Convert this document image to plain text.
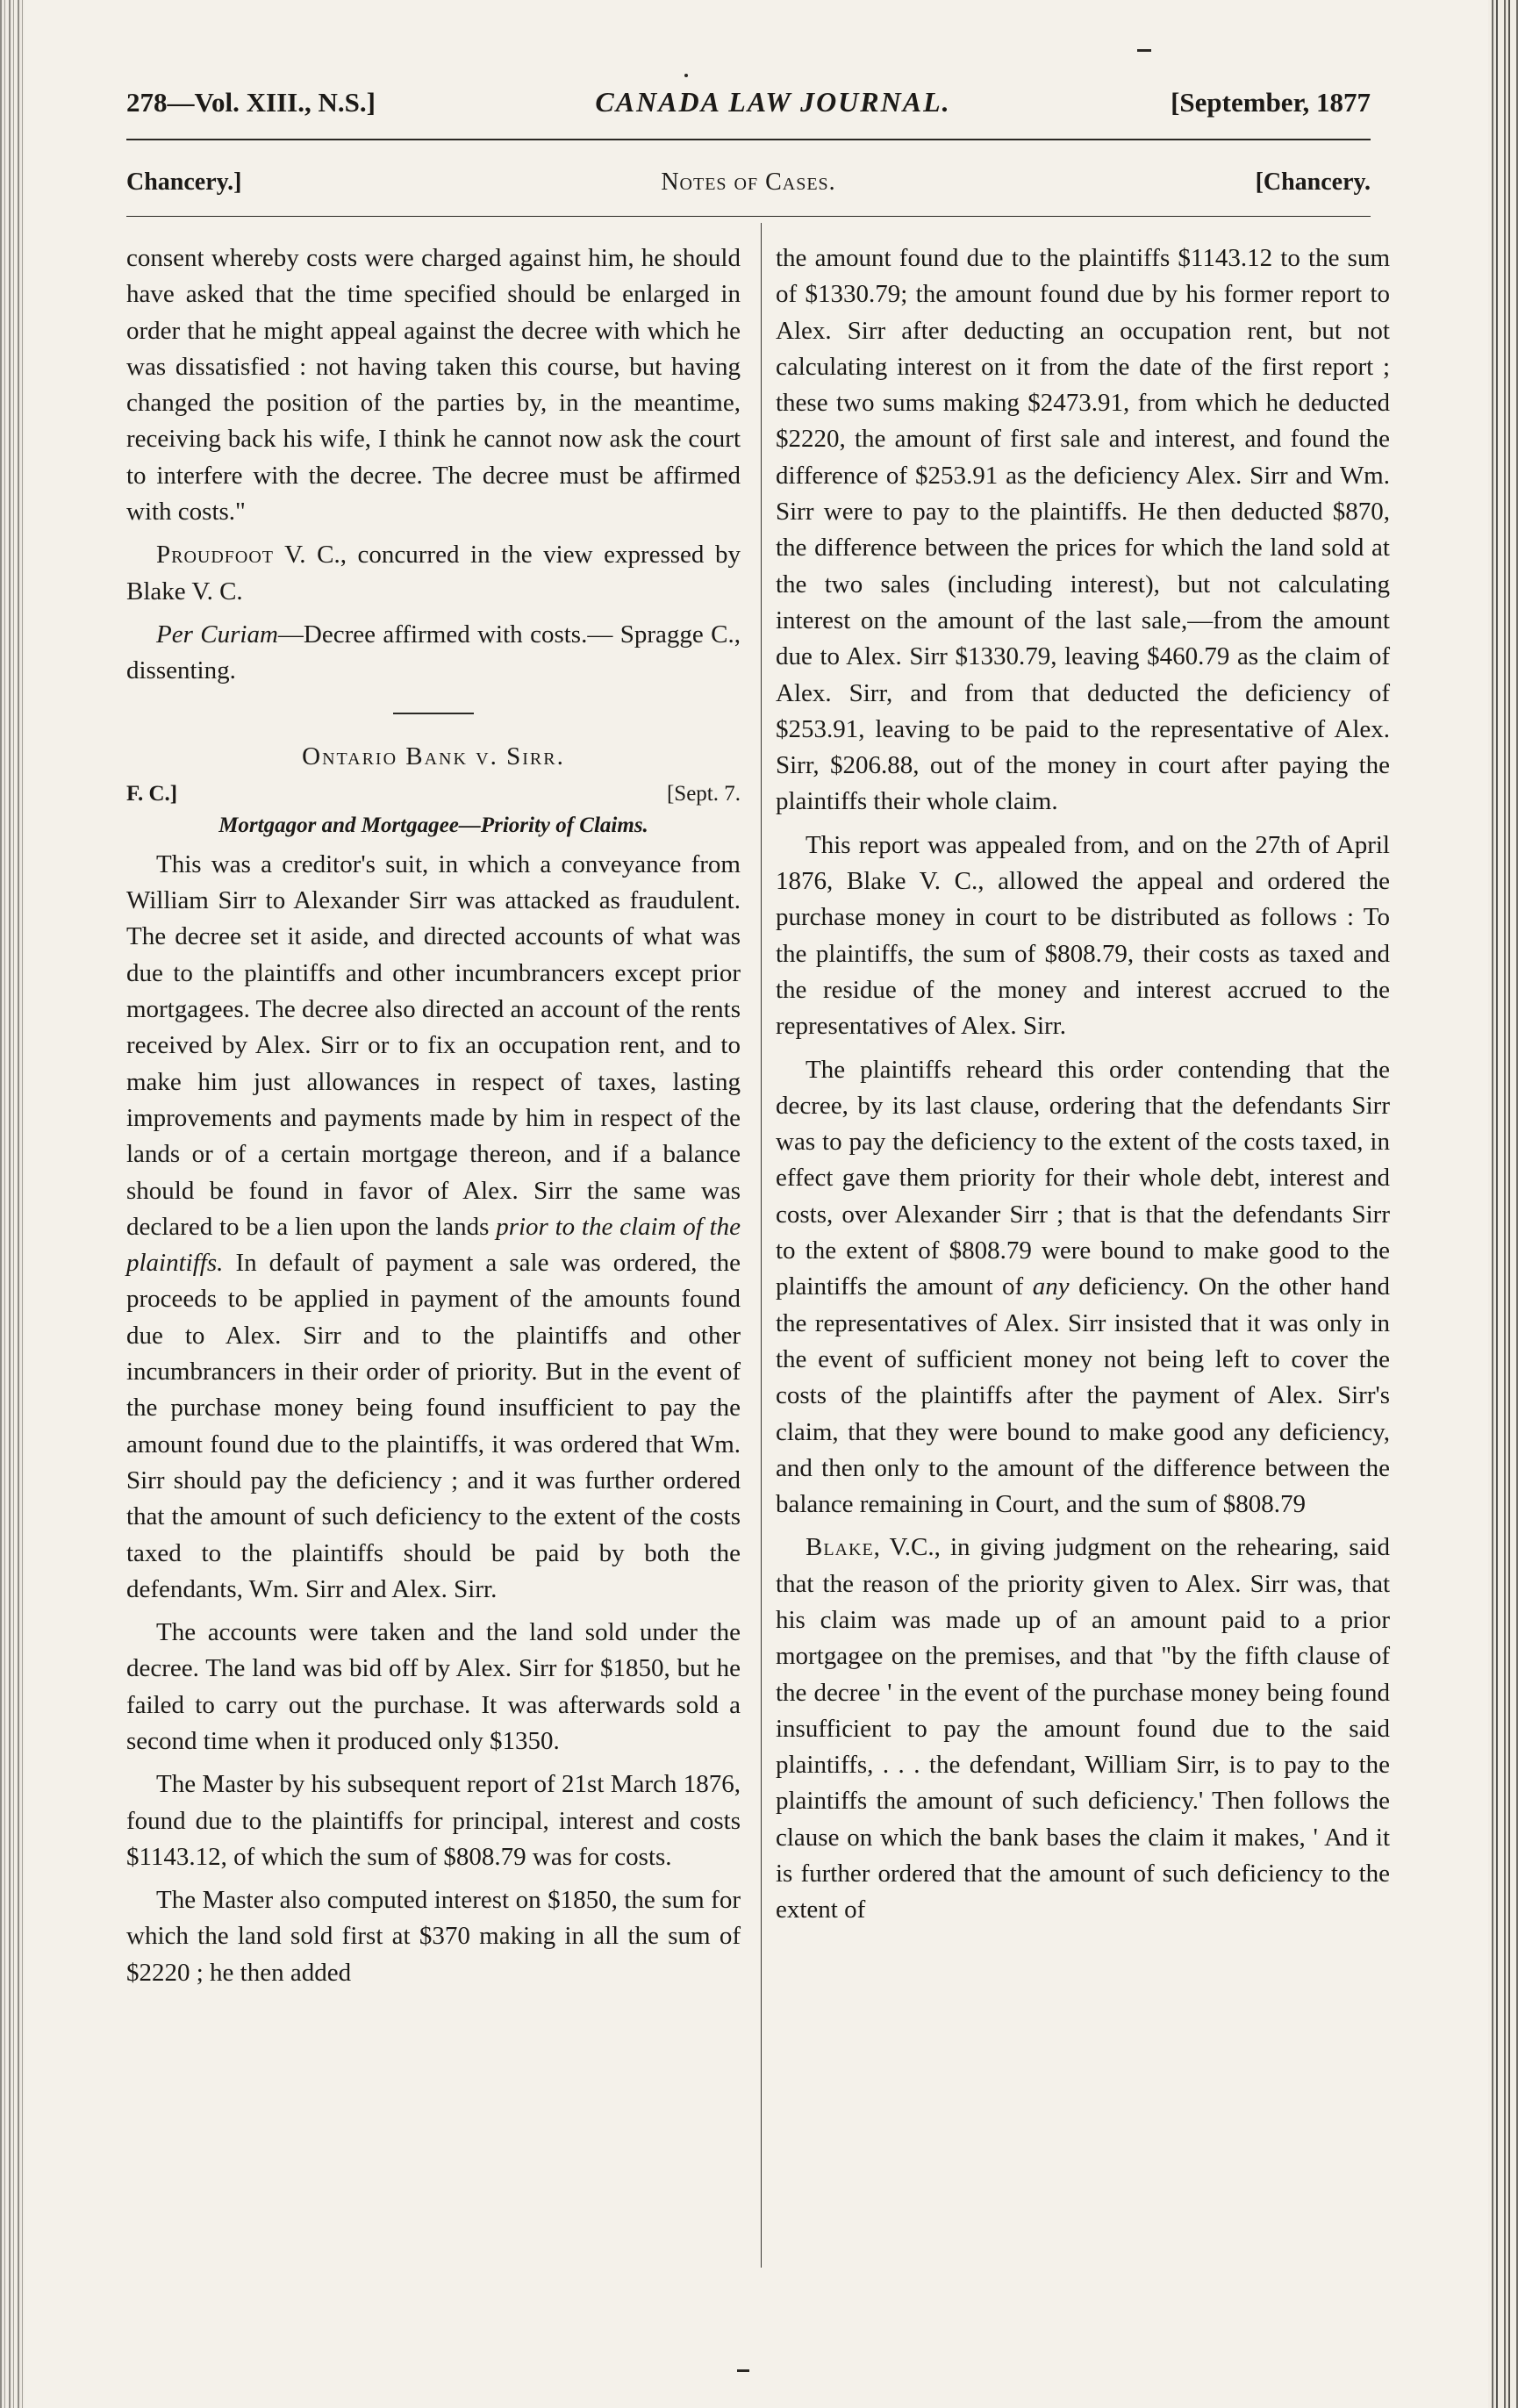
278—Vol. XIII., N.S.]	CANADA LAW JOURNAL.	[September, 1877
Chancery.]	Notes of Cases.	[Chancery.

consent whereby costs were charged against him, he should have asked that the time specified should be enlarged in order that he might appeal against the decree with which he was dissatisfied : not having taken this course, but having changed the position of the parties by, in the meantime, receiving back his wife, I think he cannot now ask the court to interfere with the decree. The decree must be affirmed with costs."

Proudfoot V. C., concurred in the view expressed by Blake V. C.

Per Curiam—Decree affirmed with costs.— Spragge C., dissenting.

Ontario Bank v. Sirr.
F. C.]	[Sept. 7.
Mortgagor and Mortgagee—Priority of Claims.

This was a creditor's suit, in which a conveyance from William Sirr to Alexander Sirr was attacked as fraudulent. The decree set it aside, and directed accounts of what was due to the plaintiffs and other incumbrancers except prior mortgagees. The decree also directed an account of the rents received by Alex. Sirr or to fix an occupation rent, and to make him just allowances in respect of taxes, lasting improvements and payments made by him in respect of the lands or of a certain mortgage thereon, and if a balance should be found in favor of Alex. Sirr the same was declared to be a lien upon the lands prior to the claim of the plaintiffs. In default of payment a sale was ordered, the proceeds to be applied in payment of the amounts found due to Alex. Sirr and to the plaintiffs and other incumbrancers in their order of priority. But in the event of the purchase money being found insufficient to pay the amount found due to the plaintiffs, it was ordered that Wm. Sirr should pay the deficiency ; and it was further ordered that the amount of such deficiency to the extent of the costs taxed to the plaintiffs should be paid by both the defendants, Wm. Sirr and Alex. Sirr.

The accounts were taken and the land sold under the decree. The land was bid off by Alex. Sirr for $1850, but he failed to carry out the purchase. It was afterwards sold a second time when it produced only $1350.

The Master by his subsequent report of 21st March 1876, found due to the plaintiffs for principal, interest and costs $1143.12, of which the sum of $808.79 was for costs.

The Master also computed interest on $1850, the sum for which the land sold first at $370 making in all the sum of $2220 ; he then added

the amount found due to the plaintiffs $1143.12 to the sum of $1330.79; the amount found due by his former report to Alex. Sirr after deducting an occupation rent, but not calculating interest on it from the date of the first report ; these two sums making $2473.91, from which he deducted $2220, the amount of first sale and interest, and found the difference of $253.91 as the deficiency Alex. Sirr and Wm. Sirr were to pay to the plaintiffs. He then deducted $870, the difference between the prices for which the land sold at the two sales (including interest), but not calculating interest on the amount of the last sale,—from the amount due to Alex. Sirr $1330.79, leaving $460.79 as the claim of Alex. Sirr, and from that deducted the deficiency of $253.91, leaving to be paid to the representative of Alex. Sirr, $206.88, out of the money in court after paying the plaintiffs their whole claim.

This report was appealed from, and on the 27th of April 1876, Blake V. C., allowed the appeal and ordered the purchase money in court to be distributed as follows : To the plaintiffs, the sum of $808.79, their costs as taxed and the residue of the money and interest accrued to the representatives of Alex. Sirr.

The plaintiffs reheard this order contending that the decree, by its last clause, ordering that the defendants Sirr was to pay the deficiency to the extent of the costs taxed, in effect gave them priority for their whole debt, interest and costs, over Alexander Sirr ; that is that the defendants Sirr to the extent of $808.79 were bound to make good to the plaintiffs the amount of any deficiency. On the other hand the representatives of Alex. Sirr insisted that it was only in the event of sufficient money not being left to cover the costs of the plaintiffs after the payment of Alex. Sirr's claim, that they were bound to make good any deficiency, and then only to the amount of the difference between the balance remaining in Court, and the sum of $808.79

Blake, V.C., in giving judgment on the rehearing, said that the reason of the priority given to Alex. Sirr was, that his claim was made up of an amount paid to a prior mortgagee on the premises, and that "by the fifth clause of the decree ' in the event of the purchase money being found insufficient to pay the amount found due to the said plaintiffs, . . . the defendant, William Sirr, is to pay to the plaintiffs the amount of such deficiency.' Then follows the clause on which the bank bases the claim it makes, ' And it is further ordered that the amount of such deficiency to the extent of
